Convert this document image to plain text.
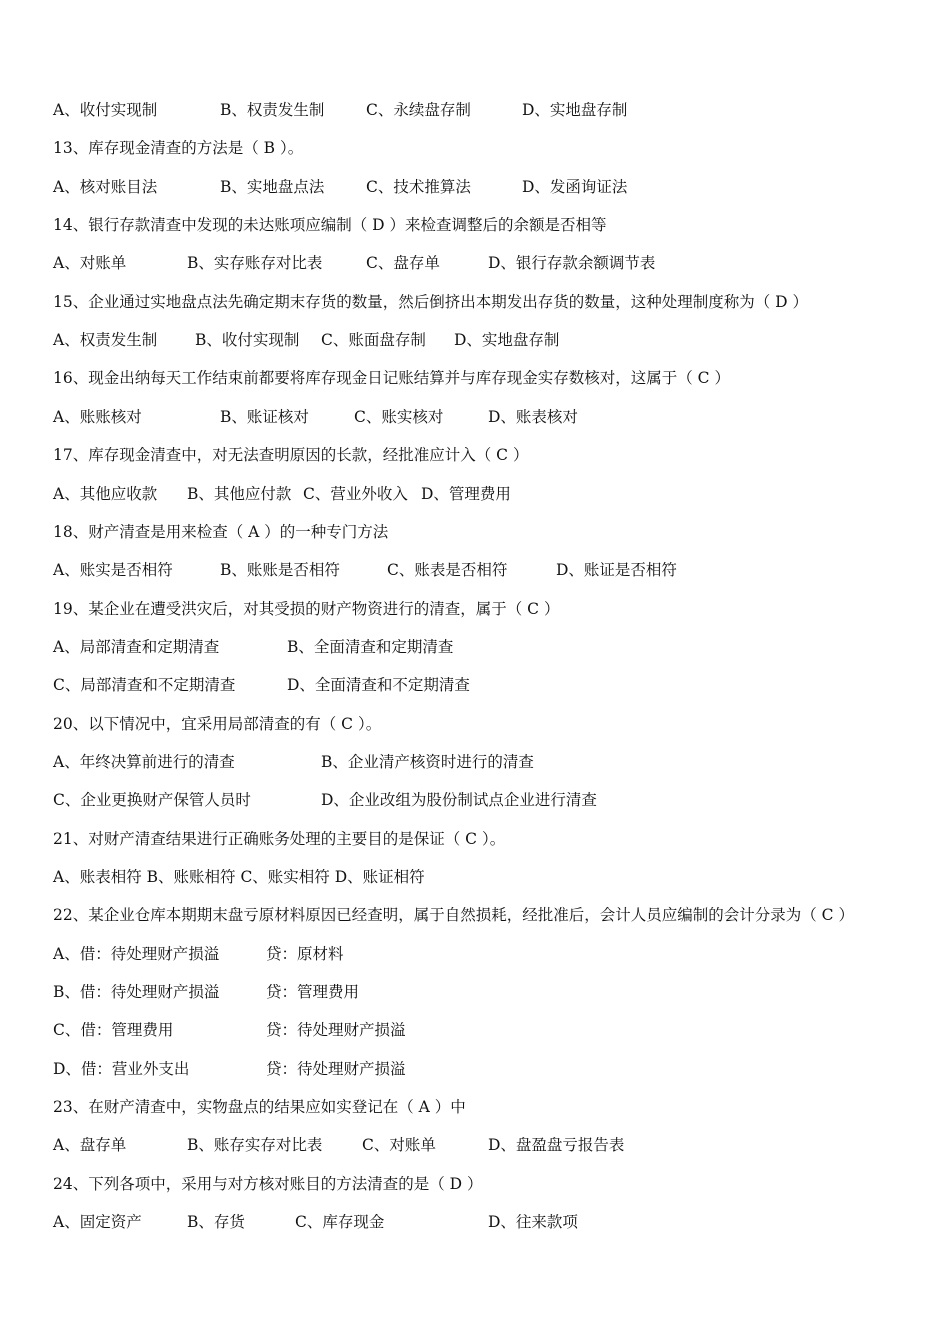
A、收付实现制	B、权责发生制	C、永续盘存制	D、实地盘存制
13、库存现金清查的方法是（ B ）。
A、核对账目法	B、实地盘点法	C、技术推算法	D、发函询证法
14、银行存款清查中发现的未达账项应编制（ D ）来检查调整后的余额是否相等
A、对账单	B、实存账存对比表	C、盘存单	D、银行存款余额调节表
15、企业通过实地盘点法先确定期末存货的数量，然后倒挤出本期发出存货的数量，这种处理制度称为（ D ）
A、权责发生制 B、收付实现制 C、账面盘存制 D、实地盘存制
16、现金出纳每天工作结束前都要将库存现金日记账结算并与库存现金实存数核对，这属于（ C ）
A、账账核对	B、账证核对	C、账实核对	D、账表核对
17、库存现金清查中，对无法查明原因的长款，经批准应计入（ C ）
A、其他应收款 B、其他应付款 C、营业外收入 D、管理费用
18、财产清查是用来检查（ A ）的一种专门方法
A、账实是否相符	B、账账是否相符	C、账表是否相符	D、账证是否相符
19、某企业在遭受洪灾后，对其受损的财产物资进行的清查，属于（ C ）
A、局部清查和定期清查	B、全面清查和定期清查
C、局部清查和不定期清查	D、全面清查和不定期清查
20、以下情况中，宜采用局部清查的有（ C ）。
A、年终决算前进行的清查	B、企业清产核资时进行的清查
C、企业更换财产保管人员时	D、企业改组为股份制试点企业进行清查
21、对财产清查结果进行正确账务处理的主要目的是保证（ C ）。
A、账表相符 B、账账相符 C、账实相符 D、账证相符
22、某企业仓库本期期末盘亏原材料原因已经查明，属于自然损耗，经批准后，会计人员应编制的会计分录为（ C ）
A、借：待处理财产损溢	贷：原材料
B、借：待处理财产损溢	贷：管理费用
C、借：管理费用	贷：待处理财产损溢
D、借：营业外支出	贷：待处理财产损溢
23、在财产清查中，实物盘点的结果应如实登记在（ A ）中
A、盘存单	B、账存实存对比表	C、对账单	D、盘盈盘亏报告表
24、下列各项中，采用与对方核对账目的方法清查的是（ D ）
A、固定资产	B、存货	C、库存现金	D、往来款项
